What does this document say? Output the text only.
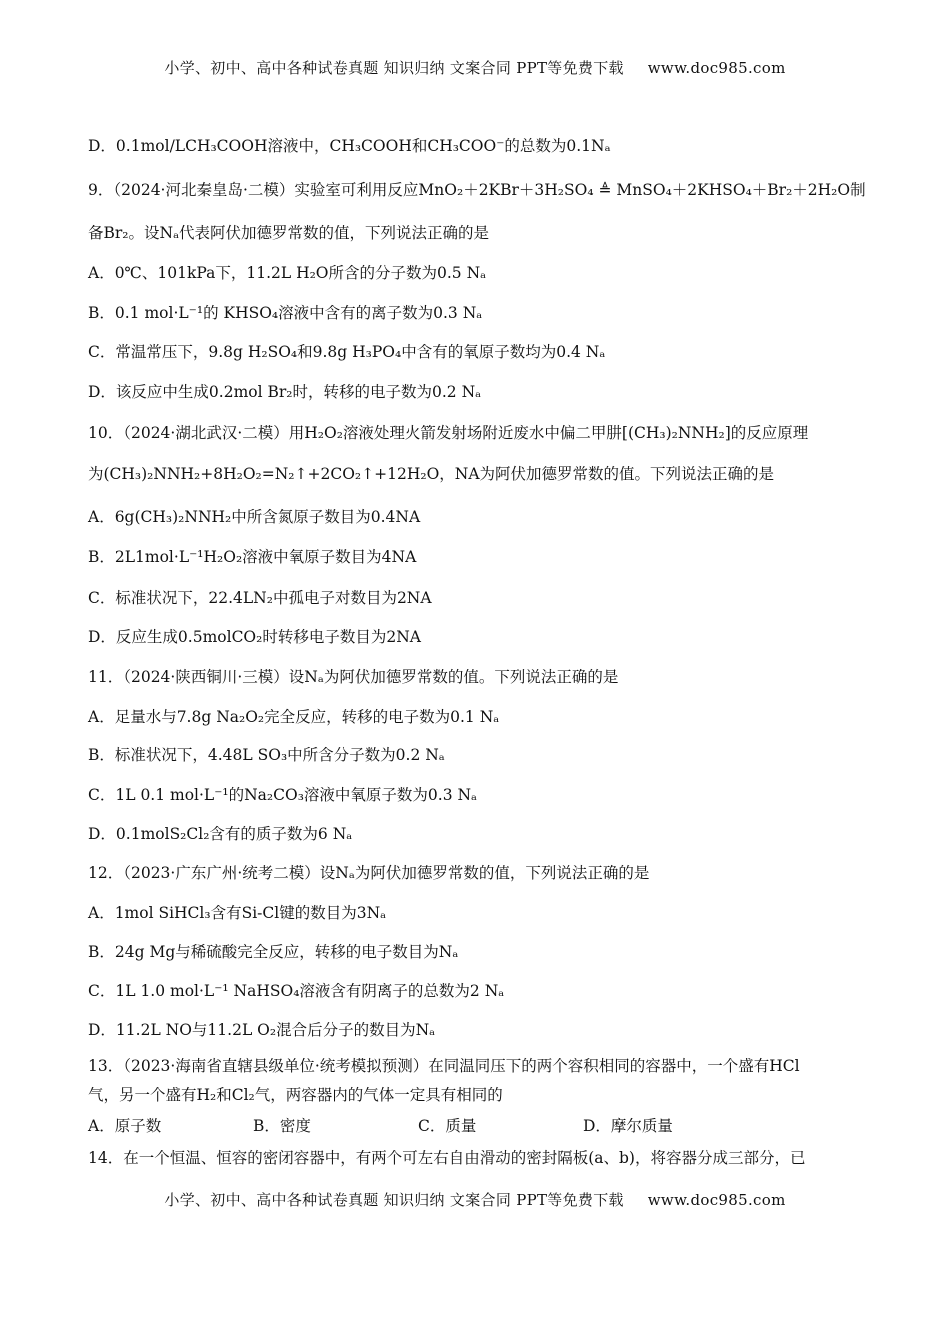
小学、初中、高中各种试卷真题 知识归纳 文案合同 PPT等免费下载 www.doc985.com
D．0.1mol/LCH₃COOH溶液中，CH₃COOH和CH₃COO⁻的总数为0.1Nₐ
9．（2024·河北秦皇岛·二模）实验室可利用反应MnO₂＋2KBr＋3H₂SO₄ ≜ MnSO₄＋2KHSO₄＋Br₂＋2H₂O制
备Br₂。设Nₐ代表阿伏加德罗常数的值，下列说法正确的是
A．0℃、101kPa下，11.2L H₂O所含的分子数为0.5 Nₐ
B．0.1 mol·L⁻¹的 KHSO₄溶液中含有的离子数为0.3 Nₐ
C．常温常压下，9.8g H₂SO₄和9.8g H₃PO₄中含有的氧原子数均为0.4 Nₐ
D．该反应中生成0.2mol Br₂时，转移的电子数为0.2 Nₐ
10．（2024·湖北武汉·二模）用H₂O₂溶液处理火箭发射场附近废水中偏二甲肼[(CH₃)₂NNH₂]的反应原理
为(CH₃)₂NNH₂+8H₂O₂=N₂↑+2CO₂↑+12H₂O，NA为阿伏加德罗常数的值。下列说法正确的是
A．6g(CH₃)₂NNH₂中所含氮原子数目为0.4NA
B．2L1mol·L⁻¹H₂O₂溶液中氧原子数目为4NA
C．标准状况下，22.4LN₂中孤电子对数目为2NA
D．反应生成0.5molCO₂时转移电子数目为2NA
11．（2024·陕西铜川·三模）设Nₐ为阿伏加德罗常数的值。下列说法正确的是
A．足量水与7.8g Na₂O₂完全反应，转移的电子数为0.1 Nₐ
B．标准状况下，4.48L SO₃中所含分子数为0.2 Nₐ
C．1L 0.1 mol·L⁻¹的Na₂CO₃溶液中氧原子数为0.3 Nₐ
D．0.1molS₂Cl₂含有的质子数为6 Nₐ
12．（2023·广东广州·统考二模）设Nₐ为阿伏加德罗常数的值，下列说法正确的是
A．1mol SiHCl₃含有Si-Cl键的数目为3Nₐ
B．24g Mg与稀硫酸完全反应，转移的电子数目为Nₐ
C．1L 1.0 mol·L⁻¹ NaHSO₄溶液含有阴离子的总数为2 Nₐ
D．11.2L NO与11.2L O₂混合后分子的数目为Nₐ
13．（2023·海南省直辖县级单位·统考模拟预测）在同温同压下的两个容积相同的容器中，一个盛有HCl
气，另一个盛有H₂和Cl₂气，两容器内的气体一定具有相同的
A．原子数	B．密度	C．质量	D．摩尔质量
14．在一个恒温、恒容的密闭容器中，有两个可左右自由滑动的密封隔板(a、b)，将容器分成三部分，已
小学、初中、高中各种试卷真题 知识归纳 文案合同 PPT等免费下载 www.doc985.com
